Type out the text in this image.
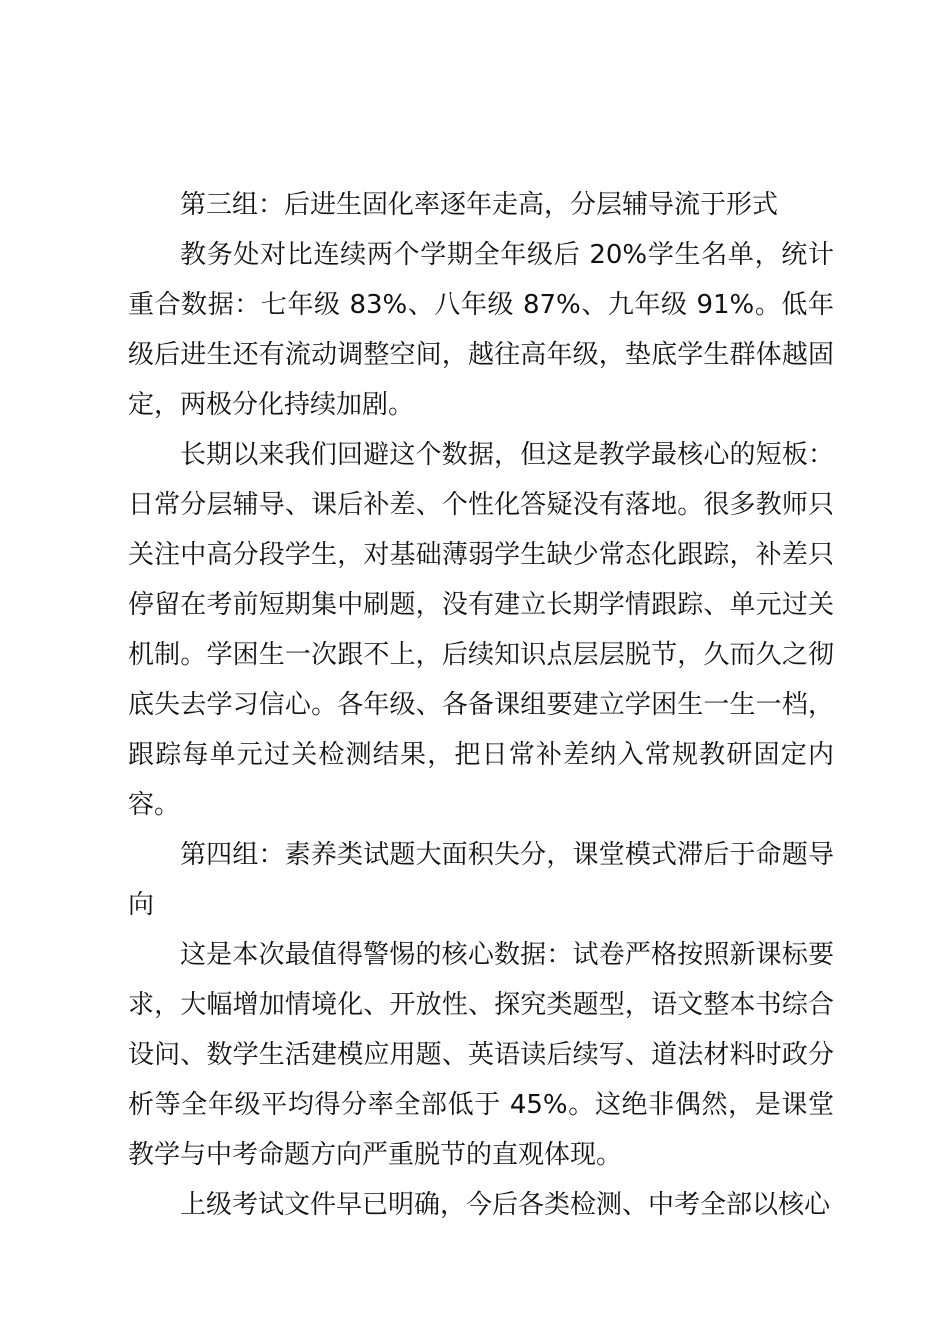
第三组：后进生固化率逐年走高，分层辅导流于形式

教务处对比连续两个学期全年级后 20%学生名单，统计重合数据：七年级 83%、八年级 87%、九年级 91%。低年级后进生还有流动调整空间，越往高年级，垫底学生群体越固定，两极分化持续加剧。

长期以来我们回避这个数据，但这是教学最核心的短板：日常分层辅导、课后补差、个性化答疑没有落地。很多教师只关注中高分段学生，对基础薄弱学生缺少常态化跟踪，补差只停留在考前短期集中刷题，没有建立长期学情跟踪、单元过关机制。学困生一次跟不上，后续知识点层层脱节，久而久之彻底失去学习信心。各年级、各备课组要建立学困生一生一档，跟踪每单元过关检测结果，把日常补差纳入常规教研固定内容。

第四组：素养类试题大面积失分，课堂模式滞后于命题导向

这是本次最值得警惕的核心数据：试卷严格按照新课标要求，大幅增加情境化、开放性、探究类题型，语文整本书综合设问、数学生活建模应用题、英语读后续写、道法材料时政分析等全年级平均得分率全部低于 45%。这绝非偶然，是课堂教学与中考命题方向严重脱节的直观体现。

上级考试文件早已明确，今后各类检测、中考全部以核心
